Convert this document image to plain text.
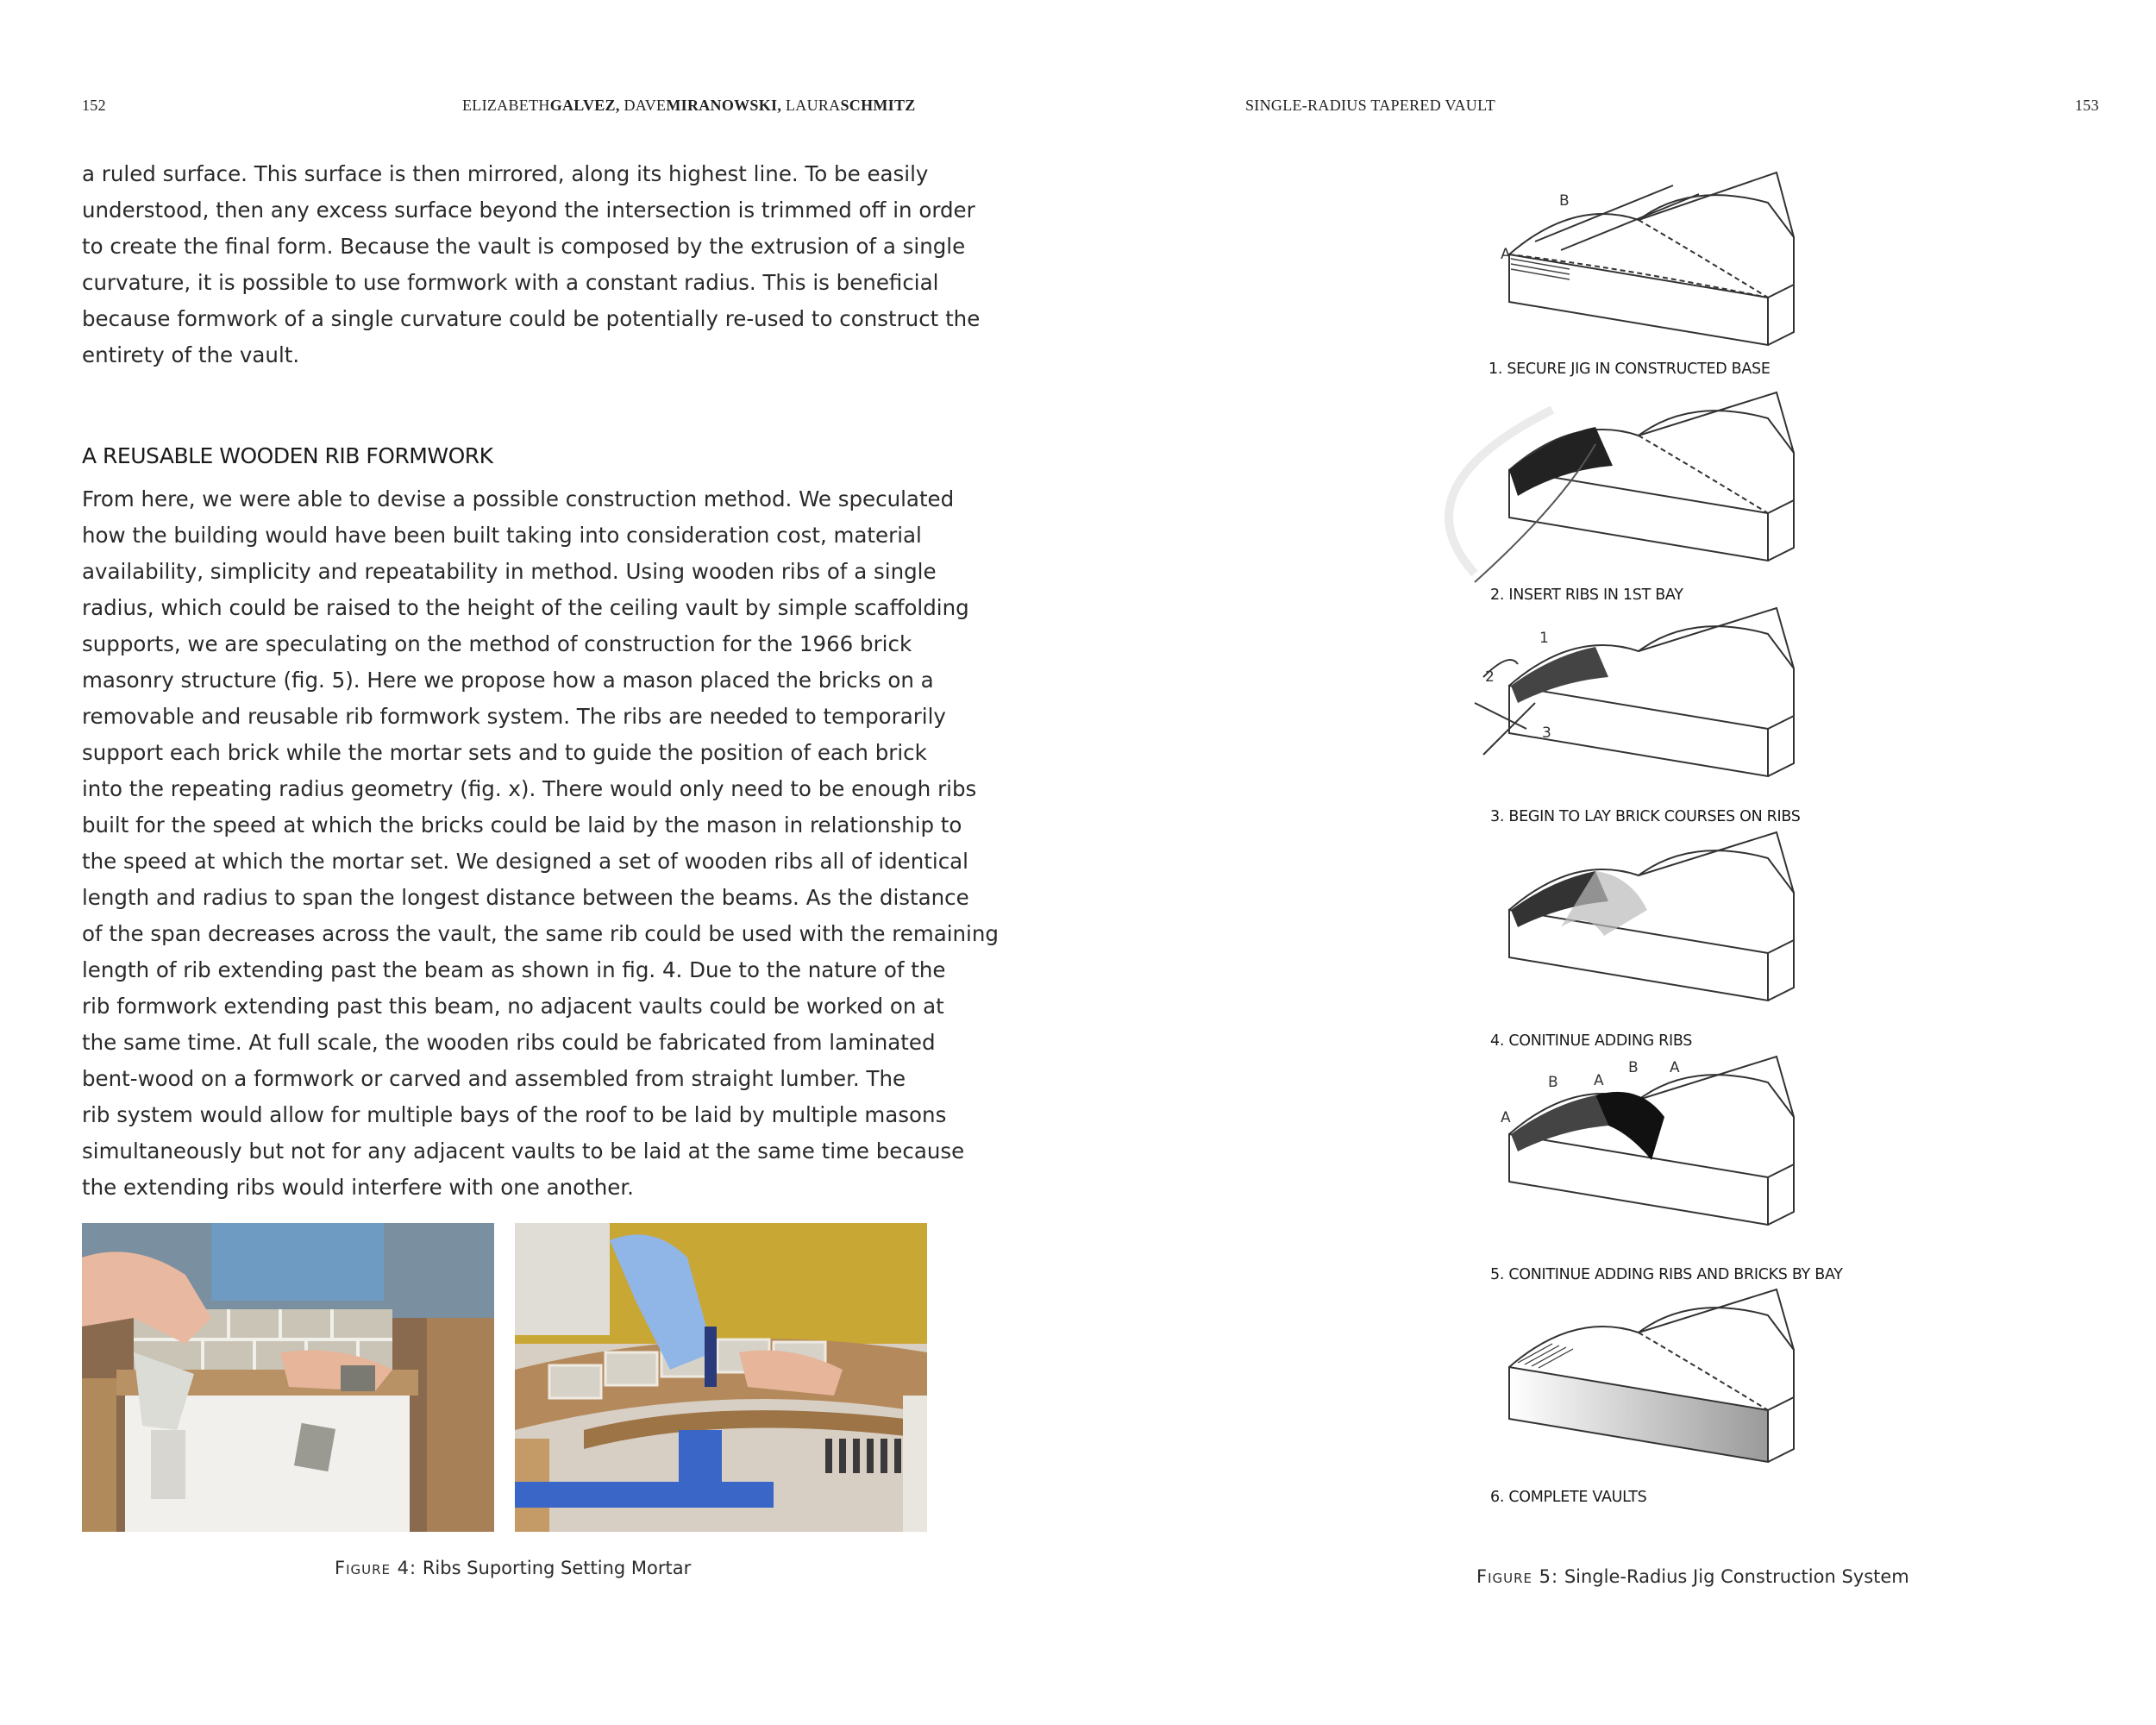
152	ELIZABETHGALVEZ, DAVEMIRANOWSKI, LAURASCHMITZ

a ruled surface. This surface is then mirrored, along its highest line. To be easily
understood, then any excess surface beyond the intersection is trimmed off in order
to create the final form. Because the vault is composed by the extrusion of a single
curvature, it is possible to use formwork with a constant radius. This is beneficial
because formwork of a single curvature could be potentially re-used to construct the
entirety of the vault.

A REUSABLE WOODEN RIB FORMWORK

From here, we were able to devise a possible construction method. We speculated
how the building would have been built taking into consideration cost, material
availability, simplicity and repeatability in method. Using wooden ribs of a single
radius, which could be raised to the height of the ceiling vault by simple scaffolding
supports, we are speculating on the method of construction for the 1966 brick
masonry structure (fig. 5). Here we propose how a mason placed the bricks on a
removable and reusable rib formwork system. The ribs are needed to temporarily
support each brick while the mortar sets and to guide the position of each brick
into the repeating radius geometry (fig. x). There would only need to be enough ribs
built for the speed at which the bricks could be laid by the mason in relationship to
the speed at which the mortar set. We designed a set of wooden ribs all of identical
length and radius to span the longest distance between the beams. As the distance
of the span decreases across the vault, the same rib could be used with the remaining
length of rib extending past the beam as shown in fig. 4. Due to the nature of the
rib formwork extending past this beam, no adjacent vaults could be worked on at
the same time. At full scale, the wooden ribs could be fabricated from laminated
bent-wood on a formwork or carved and assembled from straight lumber. The
rib system would allow for multiple bays of the roof to be laid by multiple masons
simultaneously but not for any adjacent vaults to be laid at the same time because
the extending ribs would interfere with one another.

Figure 4: Ribs Suporting Setting Mortar
SINGLE-RADIUS TAPERED VAULT	153
B
A
1. SECURE JIG IN CONSTRUCTED BASE
2. INSERT RIBS IN 1ST BAY
1
2
3
3. BEGIN TO LAY BRICK COURSES ON RIBS
4. CONITINUE ADDING RIBS
B A
B A
A
5. CONITINUE ADDING RIBS AND BRICKS BY BAY
6. COMPLETE VAULTS
Figure 5: Single-Radius Jig Construction System
